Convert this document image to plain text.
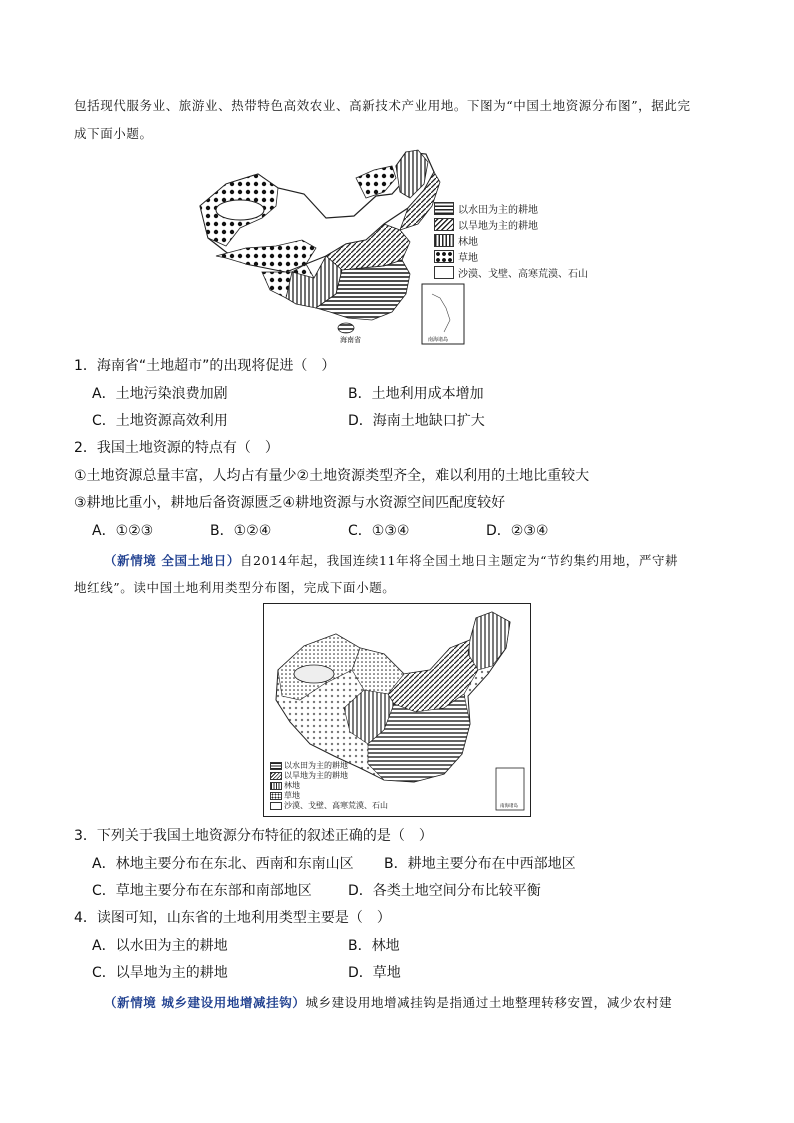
包括现代服务业、旅游业、热带特色高效农业、高新技术产业用地。下图为“中国土地资源分布图”，据此完
成下面小题。
海南省	南海诸岛
以水田为主的耕地
以旱地为主的耕地
林地
草地
沙漠、戈壁、高寒荒漠、石山
1．海南省“土地超市”的出现将促进（　）
A．土地污染浪费加剧	B．土地利用成本增加
C．土地资源高效利用	D．海南土地缺口扩大
2．我国土地资源的特点有（　）
①土地资源总量丰富，人均占有量少②土地资源类型齐全，难以利用的土地比重较大
③耕地比重小，耕地后备资源匮乏④耕地资源与水资源空间匹配度较好
A．①②③	B．①②④	C．①③④	D．②③④
（新情境 全国土地日）自2014年起，我国连续11年将全国土地日主题定为“节约集约用地，严守耕
地红线”。读中国土地利用类型分布图，完成下面小题。
南海诸岛
以水田为主的耕地
以旱地为主的耕地
林地
草地
沙漠、戈壁、高寒荒漠、石山
3．下列关于我国土地资源分布特征的叙述正确的是（　）
A．林地主要分布在东北、西南和东南山区 B．耕地主要分布在中西部地区
C．草地主要分布在东部和南部地区	D．各类土地空间分布比较平衡
4．读图可知，山东省的土地利用类型主要是（　）
A．以水田为主的耕地	B．林地
C．以旱地为主的耕地	D．草地
（新情境 城乡建设用地增减挂钩）城乡建设用地增减挂钩是指通过土地整理转移安置，减少农村建
